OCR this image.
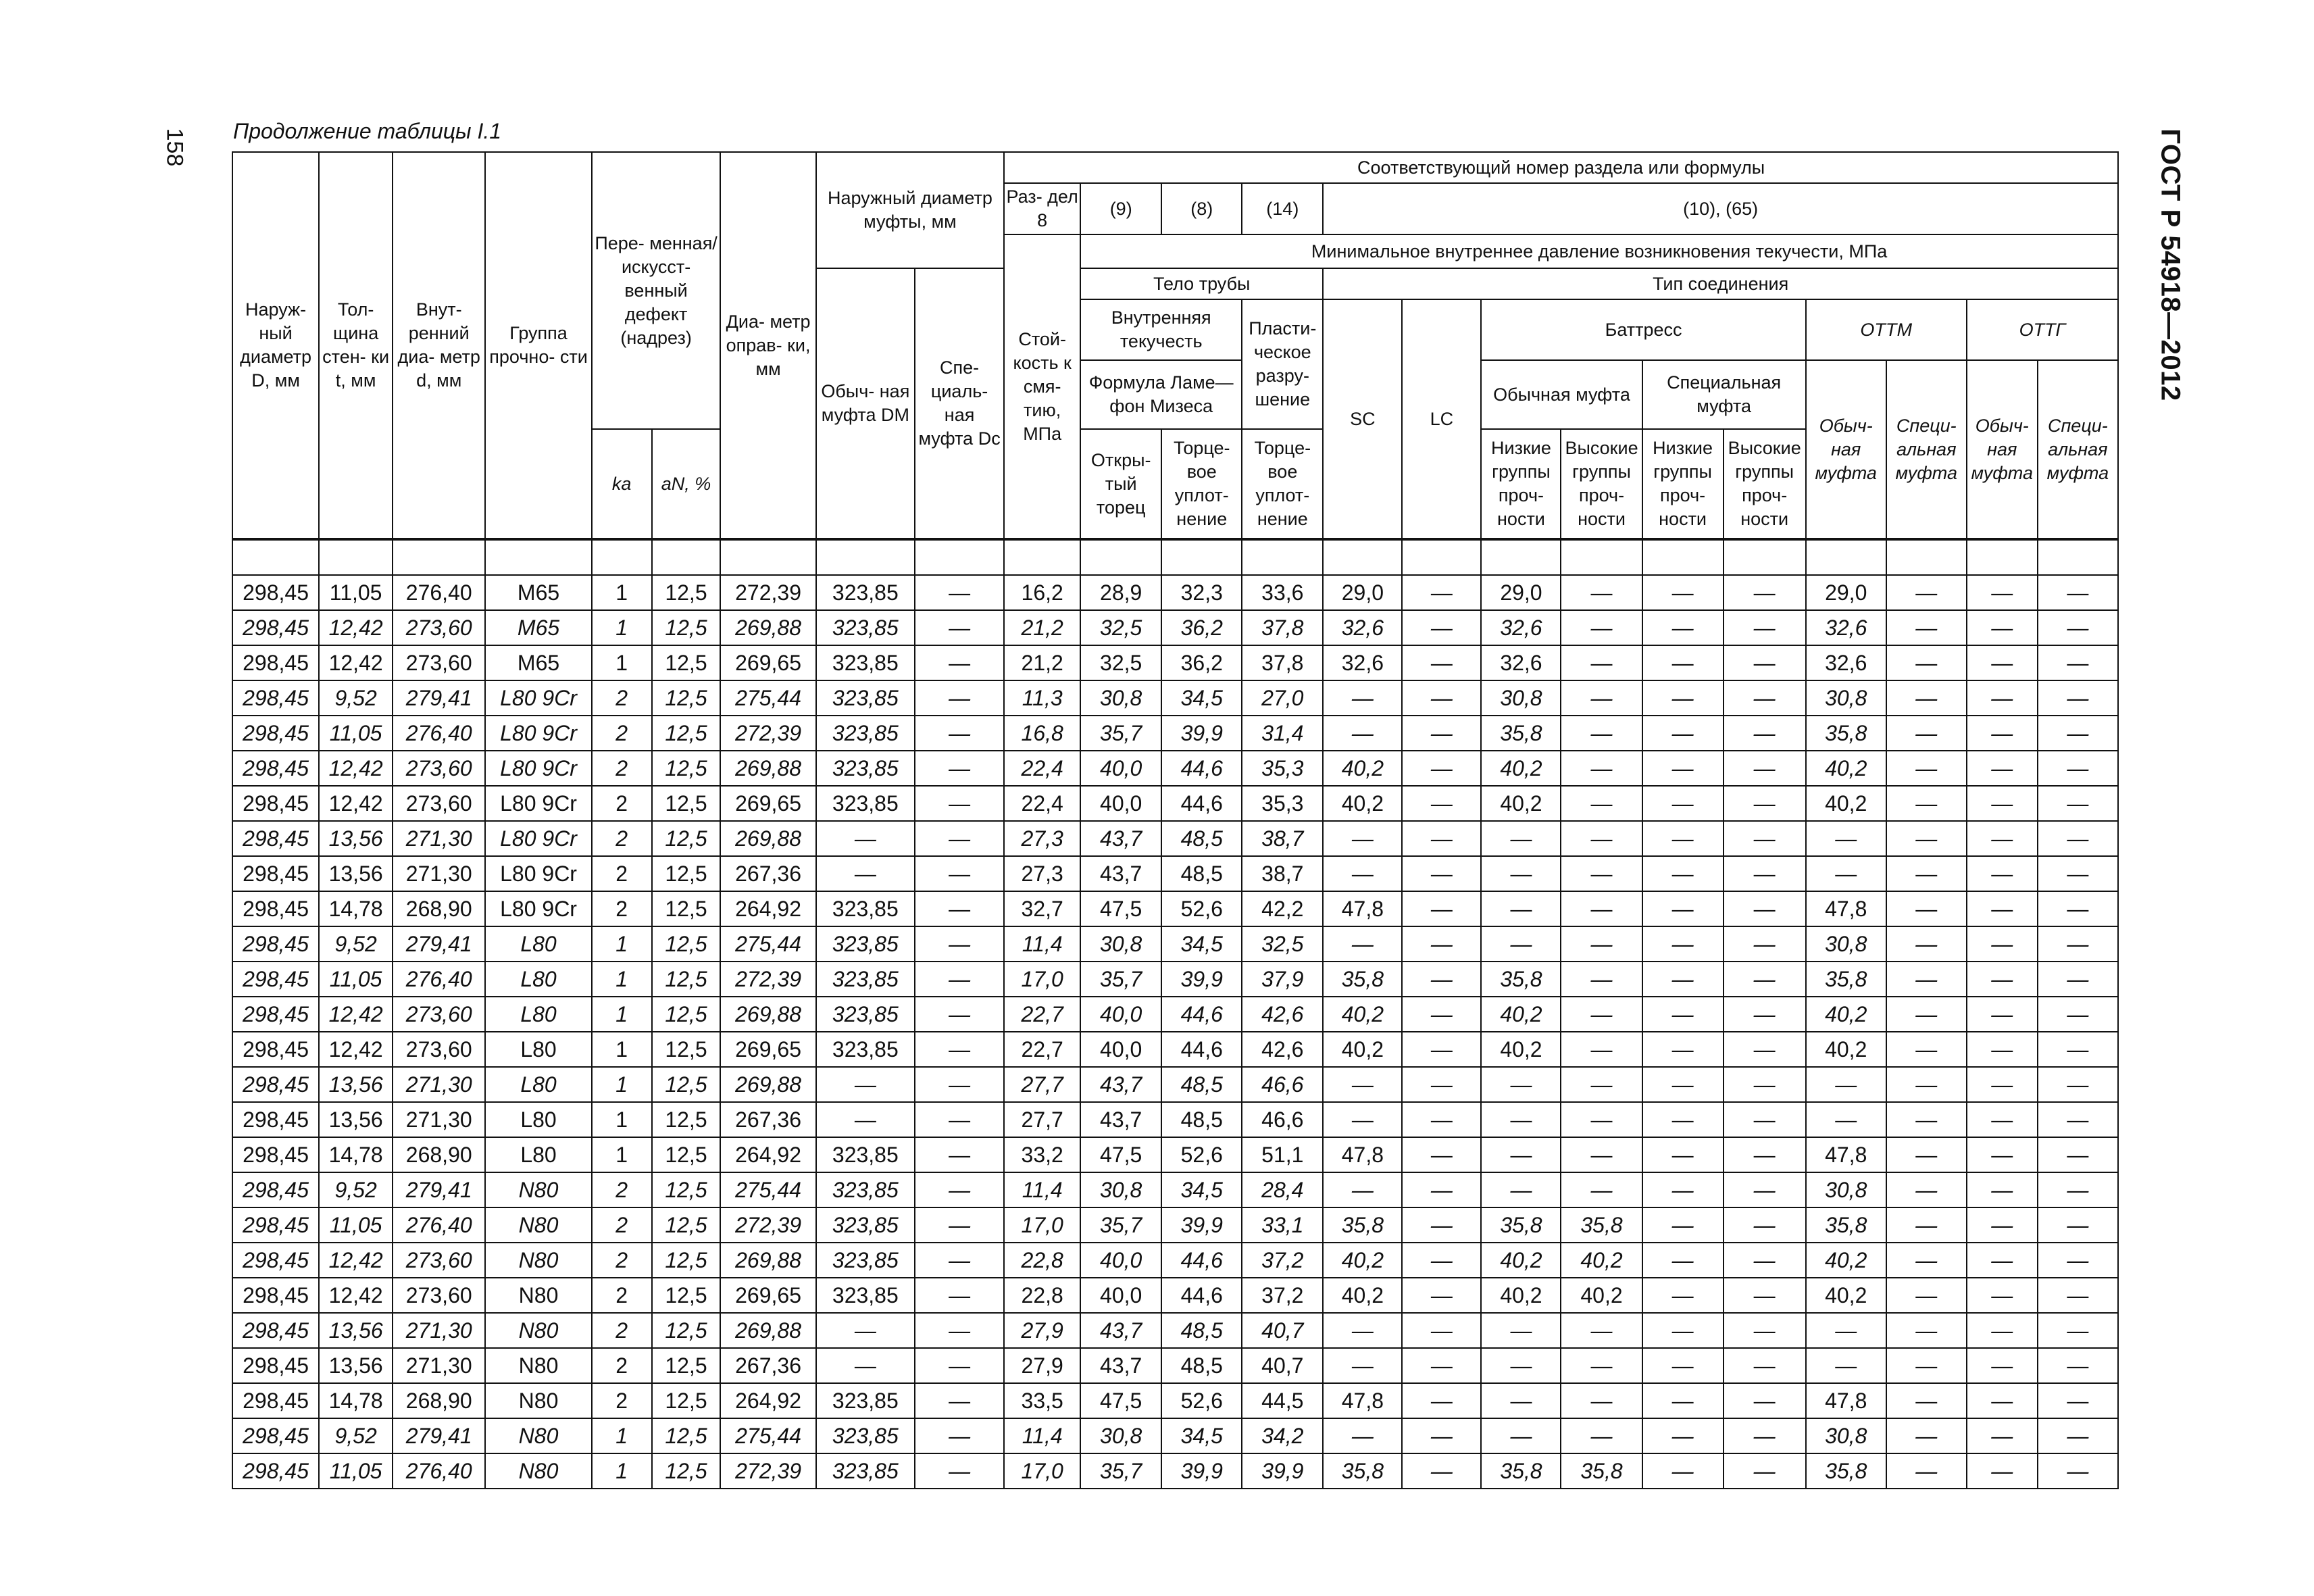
158	ГОСТ Р 54918—2012
Продолжение таблицы I.1
Наруж- ный диаметр D, мм	Тол- щина стен- ки t, мм	Внут- ренний диа- метр d, мм	Группа прочно- сти	Пере- менная/ искусст- венный дефект (надрез)		Диа- метр оправ- ки, мм	Наружный диаметр муфты, мм		Соответствующий номер раздела или формулы													
									Раз- дел 8	(9)	(8)	(14)	(10), (65)									
									Стой- кость к смя- тию, МПа	Минимальное внутреннее давление возникновения текучести, МПа												
							Обыч- ная муфта DМ	Спе- циаль- ная муфта Dс		Тело трубы			Тип соединения									
										Внутренняя текучесть		Пласти- ческое разру- шение	SC	LC	Баттресс				ОТТМ		ОТТГ	
										Формула Ламе—фон Мизеса					Обычная муфта		Специальная муфта		Обыч- ная муфта	Специ- альная муфта	Обыч- ная муфта	Специ- альная муфта
				kа	aN, %					Откры- тый торец	Торце- вое уплот- нение	Торце- вое уплот- нение			Низкие группы проч- ности	Высокие группы проч- ности	Низкие группы проч- ности	Высокие группы проч- ности				

298,45	11,05	276,40	M65	1	12,5	272,39	323,85	—	16,2	28,9	32,3	33,6	29,0	—	29,0	—	—	—	29,0	—	—	—
298,45	12,42	273,60	M65	1	12,5	269,88	323,85	—	21,2	32,5	36,2	37,8	32,6	—	32,6	—	—	—	32,6	—	—	—
298,45	12,42	273,60	M65	1	12,5	269,65	323,85	—	21,2	32,5	36,2	37,8	32,6	—	32,6	—	—	—	32,6	—	—	—
298,45	9,52	279,41	L80 9Cr	2	12,5	275,44	323,85	—	11,3	30,8	34,5	27,0	—	—	30,8	—	—	—	30,8	—	—	—
298,45	11,05	276,40	L80 9Cr	2	12,5	272,39	323,85	—	16,8	35,7	39,9	31,4	—	—	35,8	—	—	—	35,8	—	—	—
298,45	12,42	273,60	L80 9Cr	2	12,5	269,88	323,85	—	22,4	40,0	44,6	35,3	40,2	—	40,2	—	—	—	40,2	—	—	—
298,45	12,42	273,60	L80 9Cr	2	12,5	269,65	323,85	—	22,4	40,0	44,6	35,3	40,2	—	40,2	—	—	—	40,2	—	—	—
298,45	13,56	271,30	L80 9Cr	2	12,5	269,88	—	—	27,3	43,7	48,5	38,7	—	—	—	—	—	—	—	—	—	—
298,45	13,56	271,30	L80 9Cr	2	12,5	267,36	—	—	27,3	43,7	48,5	38,7	—	—	—	—	—	—	—	—	—	—
298,45	14,78	268,90	L80 9Cr	2	12,5	264,92	323,85	—	32,7	47,5	52,6	42,2	47,8	—	—	—	—	—	47,8	—	—	—
298,45	9,52	279,41	L80	1	12,5	275,44	323,85	—	11,4	30,8	34,5	32,5	—	—	—	—	—	—	30,8	—	—	—
298,45	11,05	276,40	L80	1	12,5	272,39	323,85	—	17,0	35,7	39,9	37,9	35,8	—	35,8	—	—	—	35,8	—	—	—
298,45	12,42	273,60	L80	1	12,5	269,88	323,85	—	22,7	40,0	44,6	42,6	40,2	—	40,2	—	—	—	40,2	—	—	—
298,45	12,42	273,60	L80	1	12,5	269,65	323,85	—	22,7	40,0	44,6	42,6	40,2	—	40,2	—	—	—	40,2	—	—	—
298,45	13,56	271,30	L80	1	12,5	269,88	—	—	27,7	43,7	48,5	46,6	—	—	—	—	—	—	—	—	—	—
298,45	13,56	271,30	L80	1	12,5	267,36	—	—	27,7	43,7	48,5	46,6	—	—	—	—	—	—	—	—	—	—
298,45	14,78	268,90	L80	1	12,5	264,92	323,85	—	33,2	47,5	52,6	51,1	47,8	—	—	—	—	—	47,8	—	—	—
298,45	9,52	279,41	N80	2	12,5	275,44	323,85	—	11,4	30,8	34,5	28,4	—	—	—	—	—	—	30,8	—	—	—
298,45	11,05	276,40	N80	2	12,5	272,39	323,85	—	17,0	35,7	39,9	33,1	35,8	—	35,8	35,8	—	—	35,8	—	—	—
298,45	12,42	273,60	N80	2	12,5	269,88	323,85	—	22,8	40,0	44,6	37,2	40,2	—	40,2	40,2	—	—	40,2	—	—	—
298,45	12,42	273,60	N80	2	12,5	269,65	323,85	—	22,8	40,0	44,6	37,2	40,2	—	40,2	40,2	—	—	40,2	—	—	—
298,45	13,56	271,30	N80	2	12,5	269,88	—	—	27,9	43,7	48,5	40,7	—	—	—	—	—	—	—	—	—	—
298,45	13,56	271,30	N80	2	12,5	267,36	—	—	27,9	43,7	48,5	40,7	—	—	—	—	—	—	—	—	—	—
298,45	14,78	268,90	N80	2	12,5	264,92	323,85	—	33,5	47,5	52,6	44,5	47,8	—	—	—	—	—	47,8	—	—	—
298,45	9,52	279,41	N80	1	12,5	275,44	323,85	—	11,4	30,8	34,5	34,2	—	—	—	—	—	—	30,8	—	—	—
298,45	11,05	276,40	N80	1	12,5	272,39	323,85	—	17,0	35,7	39,9	39,9	35,8	—	35,8	35,8	—	—	35,8	—	—	—
